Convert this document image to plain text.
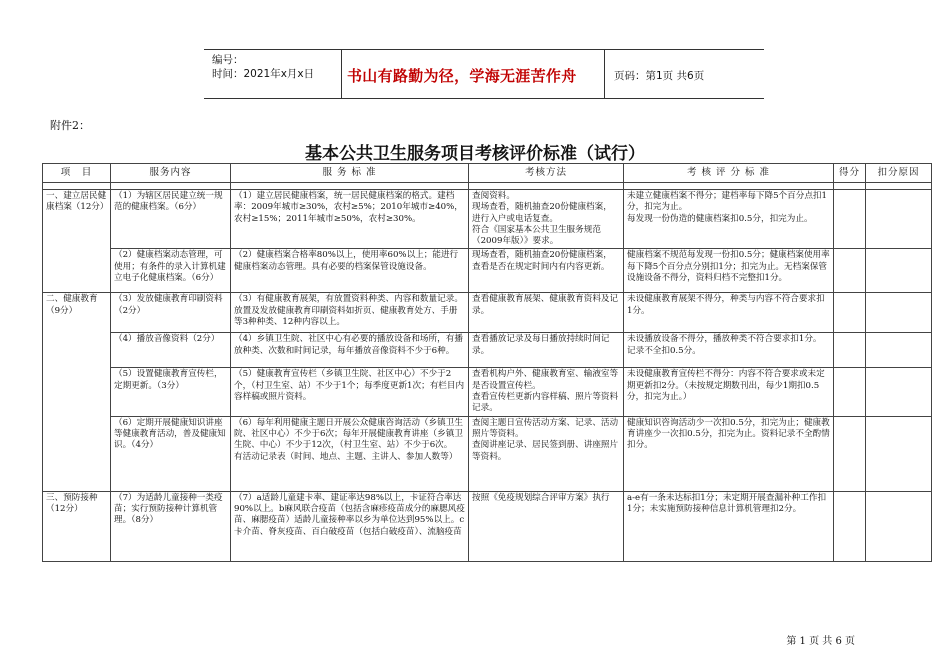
编号：
时间：2021年x月x日 书山有路勤为径，学海无涯苦作舟	页码：第1页 共6页
附件2：
基本公共卫生服务项目考核评价标准（试行）
项　目	服务内容	服 务 标 准	考核方法	考 核 评 分 标 准	得分	扣分原因

一、建立居民健康档案（12分）	（1）为辖区居民建立统一规范的健康档案。（6分）	（1）建立居民健康档案，统一居民健康档案的格式。建档率：2009年城市≥30%，农村≥5%；2010年城市≥40%，农村≥15%；2011年城市≥50%，农村≥30%。	查阅资料。
现场查看，随机抽查20份健康档案，进行入户或电话复查。
符合《国家基本公共卫生服务规范（2009年版）》要求。	未建立健康档案不得分；建档率每下降5个百分点扣1分，扣完为止。
每发现一份伪造的健康档案扣0.5分，扣完为止。		
	（2）健康档案动态管理，可使用；有条件的录入计算机建立电子化健康档案。（6分）	（2）健康档案合格率80%以上，使用率60%以上；能进行健康档案动态管理。具有必要的档案保管设施设备。	现场查看，随机抽查20份健康档案，查看是否在规定时间内有内容更新。	健康档案不规范每发现一份扣0.5分；健康档案使用率每下降5个百分点分别扣1分；扣完为止。无档案保管设施设备不得分，资料归档不完整扣1分。		
二、健康教育（9分）	（3）发放健康教育印刷资料（2分）	（3）有健康教育展架，有放置资料种类、内容和数量记录。放置及发放健康教育印刷资料如折页、健康教育处方、手册等3种种类、12种内容以上。	查看健康教育展架、健康教育资料及记录。	未设健康教育展架不得分，种类与内容不符合要求扣1分。		
	（4）播放音像资料（2分）	（4）乡镇卫生院、社区中心有必要的播放设备和场所，有播放种类、次数和时间记录，每年播放音像资料不少于6种。	查看播放记录及每日播放持续时间记录。	未设播放设备不得分，播放种类不符合要求扣1分。
记录不全扣0.5分。		
	（5）设置健康教育宣传栏，定期更新。（3分）	（5）健康教育宣传栏（乡镇卫生院、社区中心）不少于2个，（村卫生室、站）不少于1个；每季度更新1次；有栏目内容样稿或照片资料。	查看机构户外、健康教育室、输液室等是否设置宣传栏。
查看宣传栏更新内容样稿、照片等资料记录。	未设健康教育宣传栏不得分：内容不符合要求或未定期更新扣2分。（未按规定期数刊出，每少1期扣0.5分，扣完为止。）		
	（6）定期开展健康知识讲座等健康教育活动，普及健康知识。（4分）	（6）每年利用健康主题日开展公众健康咨询活动（乡镇卫生院、社区中心）不少于6次；每年开展健康教育讲座（乡镇卫生院、中心）不少于12次，（村卫生室、站）不少于6次。
有活动记录表（时间、地点、主题、主讲人、参加人数等）	查阅主题日宣传活动方案、记录、活动照片等资料。
查阅讲座记录、居民签到册、讲座照片等资料。	健康知识咨询活动少一次扣0.5分，扣完为止；健康教育讲座少一次扣0.5分，扣完为止。资料记录不全酌情扣分。		
三、预防接种（12分）	（7）为适龄儿童接种一类疫苗；实行预防接种计算机管理。（8分）	（7）a适龄儿童建卡率、建证率达98%以上，卡证符合率达90%以上。b麻风联合疫苗（包括含麻疹疫苗成分的麻腮风疫苗、麻腮疫苗）适龄儿童接种率以乡为单位达到95%以上。c卡介苗、脊灰疫苗、百白破疫苗（包括白破疫苗）、流脑疫苗	按照《免疫规划综合评审方案》执行	a-e有一条未达标扣1分；未定期开展查漏补种工作扣1分；未实施预防接种信息计算机管理扣2分。		
第 1 页 共 6 页
